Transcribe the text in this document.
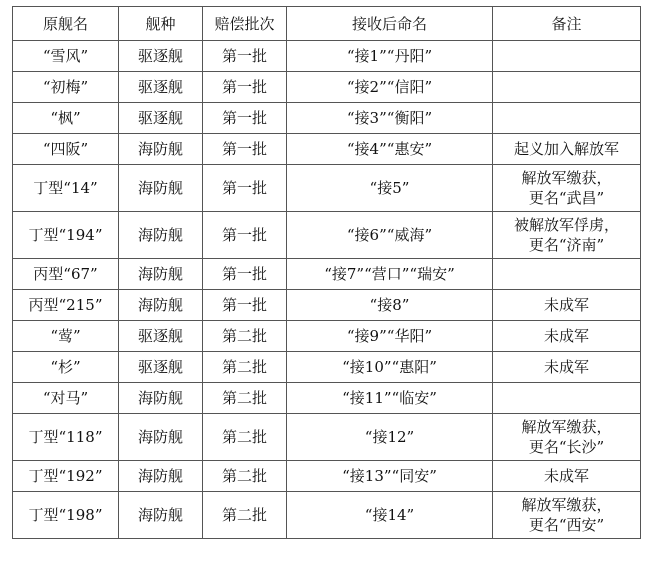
原舰名	舰种	赔偿批次	接收后命名	备注
“雪风”	驱逐舰	第一批	“接1”“丹阳”	
“初梅”	驱逐舰	第一批	“接2”“信阳”	
“枫”	驱逐舰	第一批	“接3”“衡阳”	
“四阪”	海防舰	第一批	“接4”“惠安”	起义加入解放军
丁型“14”	海防舰	第一批	“接5”	解放军缴获，
更名“武昌”
丁型“194”	海防舰	第一批	“接6”“威海”	被解放军俘虏，
更名“济南”
丙型“67”	海防舰	第一批	“接7”“营口”“瑞安”	
丙型“215”	海防舰	第一批	“接8”	未成军
“莺”	驱逐舰	第二批	“接9”“华阳”	未成军
“杉”	驱逐舰	第二批	“接10”“惠阳”	未成军
“对马”	海防舰	第二批	“接11”“临安”	
丁型“118”	海防舰	第二批	“接12”	解放军缴获，
更名“长沙”
丁型“192”	海防舰	第二批	“接13”“同安”	未成军
丁型“198”	海防舰	第二批	“接14”	解放军缴获，
更名“西安”
